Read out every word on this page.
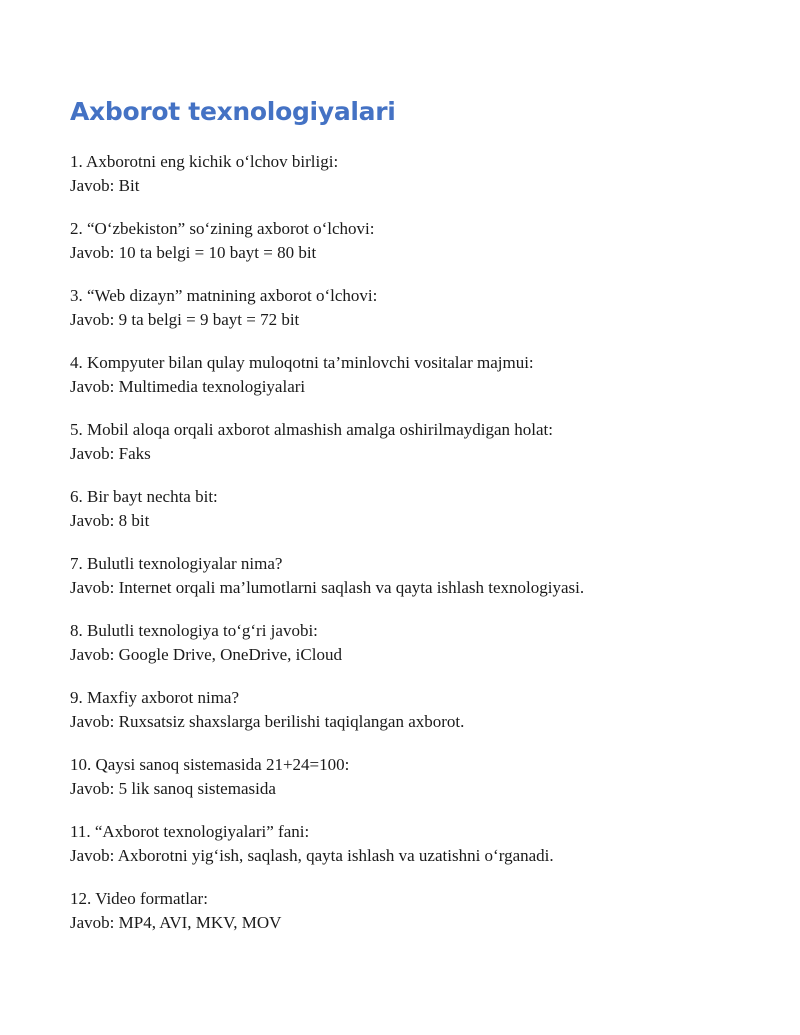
Axborot texnologiyalari
1. Axborotni eng kichik o‘lchov birligi:
Javob: Bit
2. “O‘zbekiston” so‘zining axborot o‘lchovi:
Javob: 10 ta belgi = 10 bayt = 80 bit
3. “Web dizayn” matnining axborot o‘lchovi:
Javob: 9 ta belgi = 9 bayt = 72 bit
4. Kompyuter bilan qulay muloqotni ta’minlovchi vositalar majmui:
Javob: Multimedia texnologiyalari
5. Mobil aloqa orqali axborot almashish amalga oshirilmaydigan holat:
Javob: Faks
6. Bir bayt nechta bit:
Javob: 8 bit
7. Bulutli texnologiyalar nima?
Javob: Internet orqali ma’lumotlarni saqlash va qayta ishlash texnologiyasi.
8. Bulutli texnologiya to‘g‘ri javobi:
Javob: Google Drive, OneDrive, iCloud
9. Maxfiy axborot nima?
Javob: Ruxsatsiz shaxslarga berilishi taqiqlangan axborot.
10. Qaysi sanoq sistemasida 21+24=100:
Javob: 5 lik sanoq sistemasida
11. “Axborot texnologiyalari” fani:
Javob: Axborotni yig‘ish, saqlash, qayta ishlash va uzatishni o‘rganadi.
12. Video formatlar:
Javob: MP4, AVI, MKV, MOV
